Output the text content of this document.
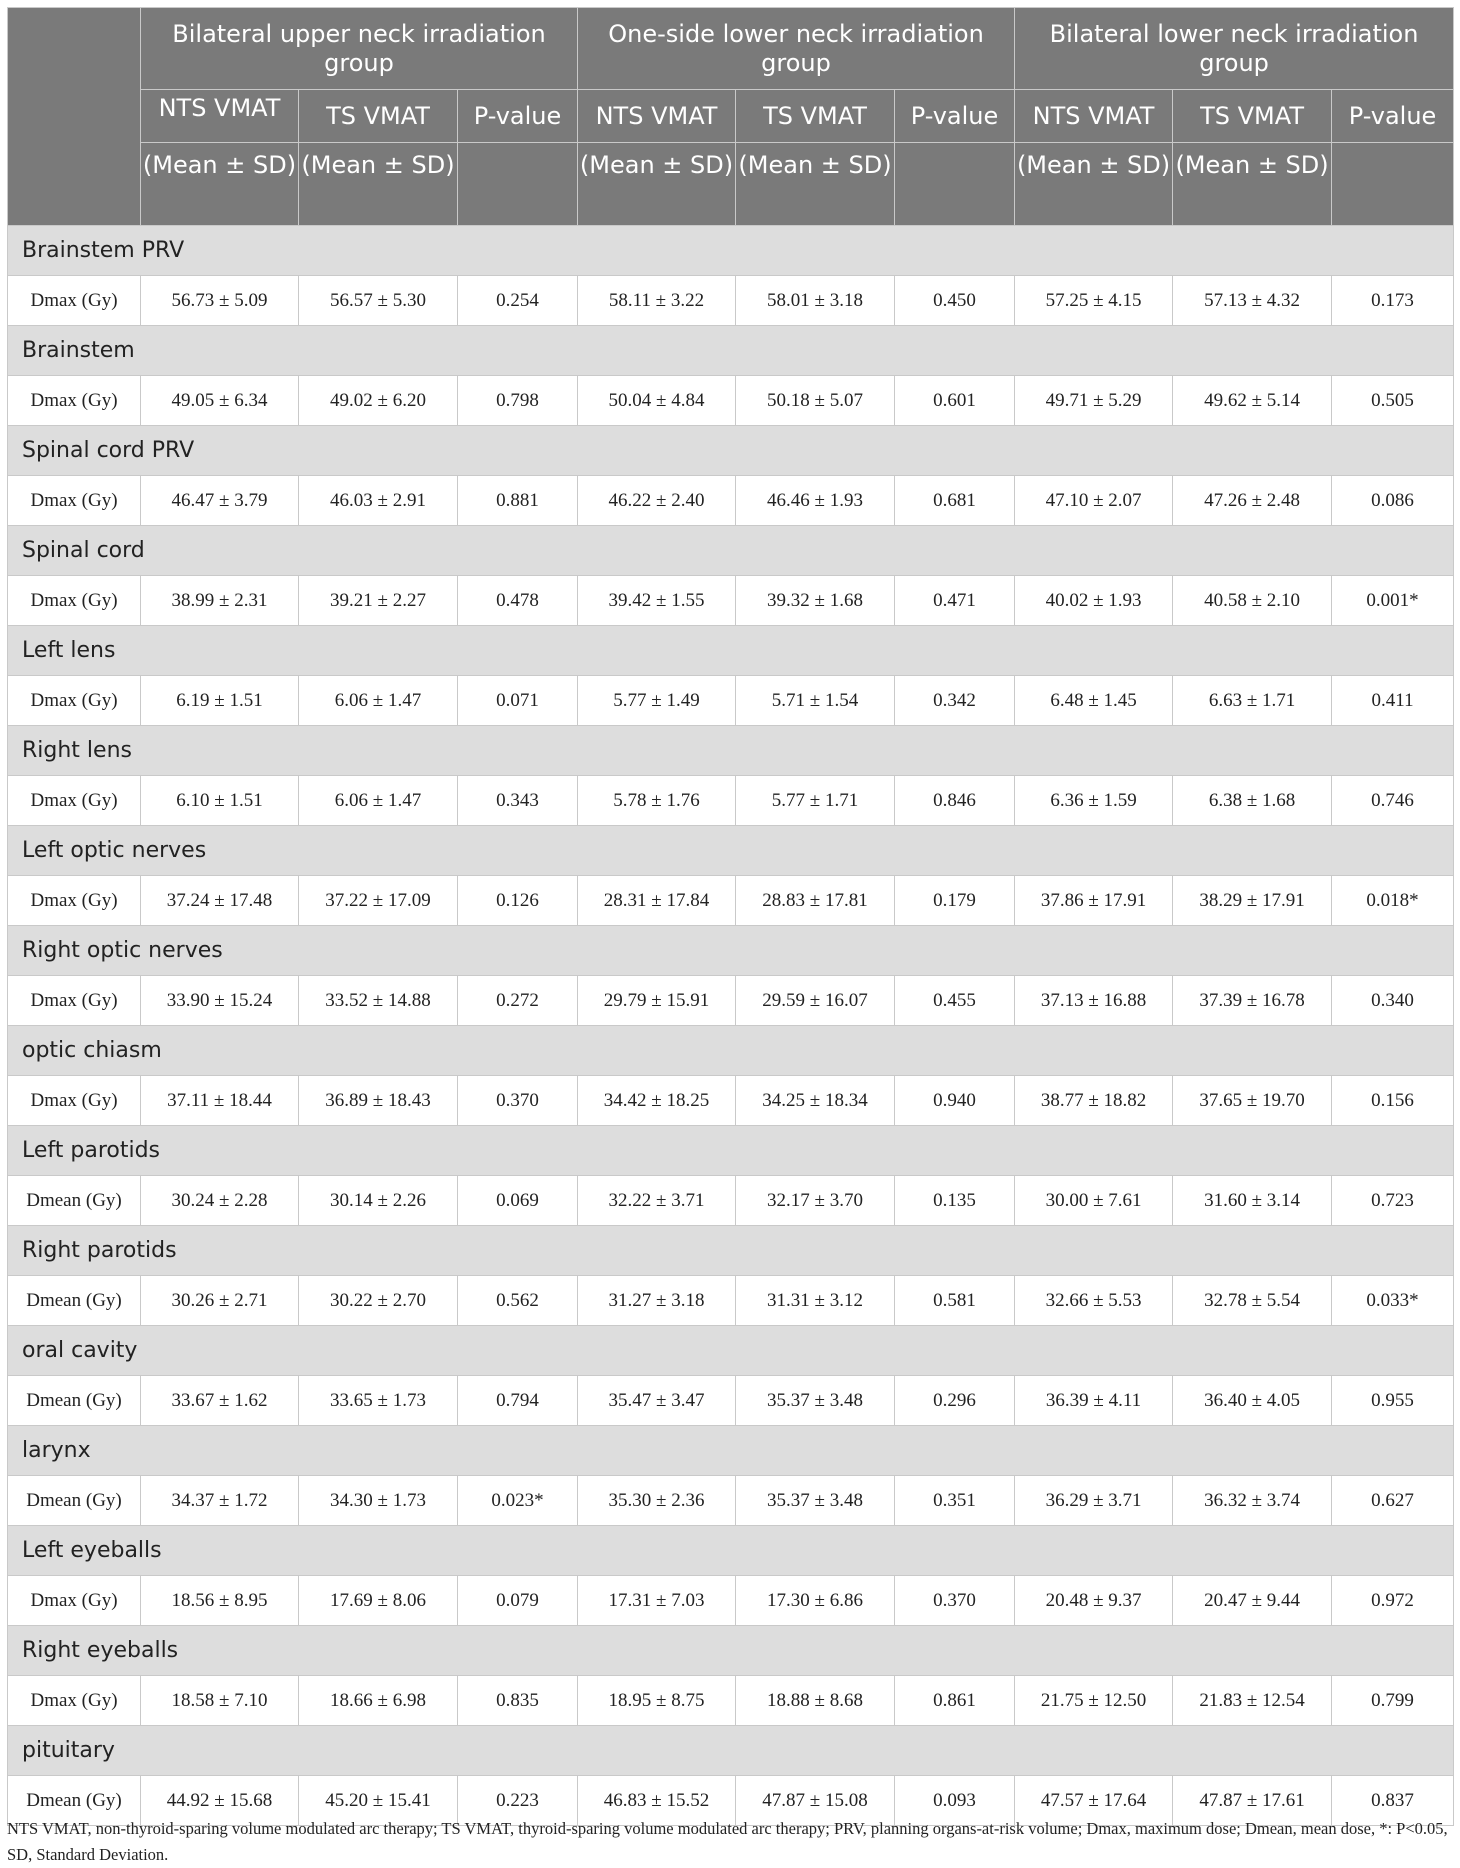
	Bilateral upper neck irradiation group			One-side lower neck irradiation group			Bilateral lower neck irradiation group		
	NTS VMAT	TS VMAT	P-value	NTS VMAT	TS VMAT	P-value	NTS VMAT	TS VMAT	P-value
	(Mean ± SD)	(Mean ± SD)		(Mean ± SD)	(Mean ± SD)		(Mean ± SD)	(Mean ± SD)	
Brainstem PRV									
Dmax (Gy)	56.73 ± 5.09	56.57 ± 5.30	0.254	58.11 ± 3.22	58.01 ± 3.18	0.450	57.25 ± 4.15	57.13 ± 4.32	0.173
Brainstem									
Dmax (Gy)	49.05 ± 6.34	49.02 ± 6.20	0.798	50.04 ± 4.84	50.18 ± 5.07	0.601	49.71 ± 5.29	49.62 ± 5.14	0.505
Spinal cord PRV									
Dmax (Gy)	46.47 ± 3.79	46.03 ± 2.91	0.881	46.22 ± 2.40	46.46 ± 1.93	0.681	47.10 ± 2.07	47.26 ± 2.48	0.086
Spinal cord									
Dmax (Gy)	38.99 ± 2.31	39.21 ± 2.27	0.478	39.42 ± 1.55	39.32 ± 1.68	0.471	40.02 ± 1.93	40.58 ± 2.10	0.001*
Left lens									
Dmax (Gy)	6.19 ± 1.51	6.06 ± 1.47	0.071	5.77 ± 1.49	5.71 ± 1.54	0.342	6.48 ± 1.45	6.63 ± 1.71	0.411
Right lens									
Dmax (Gy)	6.10 ± 1.51	6.06 ± 1.47	0.343	5.78 ± 1.76	5.77 ± 1.71	0.846	6.36 ± 1.59	6.38 ± 1.68	0.746
Left optic nerves									
Dmax (Gy)	37.24 ± 17.48	37.22 ± 17.09	0.126	28.31 ± 17.84	28.83 ± 17.81	0.179	37.86 ± 17.91	38.29 ± 17.91	0.018*
Right optic nerves									
Dmax (Gy)	33.90 ± 15.24	33.52 ± 14.88	0.272	29.79 ± 15.91	29.59 ± 16.07	0.455	37.13 ± 16.88	37.39 ± 16.78	0.340
optic chiasm									
Dmax (Gy)	37.11 ± 18.44	36.89 ± 18.43	0.370	34.42 ± 18.25	34.25 ± 18.34	0.940	38.77 ± 18.82	37.65 ± 19.70	0.156
Left parotids									
Dmean (Gy)	30.24 ± 2.28	30.14 ± 2.26	0.069	32.22 ± 3.71	32.17 ± 3.70	0.135	30.00 ± 7.61	31.60 ± 3.14	0.723
Right parotids									
Dmean (Gy)	30.26 ± 2.71	30.22 ± 2.70	0.562	31.27 ± 3.18	31.31 ± 3.12	0.581	32.66 ± 5.53	32.78 ± 5.54	0.033*
oral cavity									
Dmean (Gy)	33.67 ± 1.62	33.65 ± 1.73	0.794	35.47 ± 3.47	35.37 ± 3.48	0.296	36.39 ± 4.11	36.40 ± 4.05	0.955
larynx									
Dmean (Gy)	34.37 ± 1.72	34.30 ± 1.73	0.023*	35.30 ± 2.36	35.37 ± 3.48	0.351	36.29 ± 3.71	36.32 ± 3.74	0.627
Left eyeballs									
Dmax (Gy)	18.56 ± 8.95	17.69 ± 8.06	0.079	17.31 ± 7.03	17.30 ± 6.86	0.370	20.48 ± 9.37	20.47 ± 9.44	0.972
Right eyeballs									
Dmax (Gy)	18.58 ± 7.10	18.66 ± 6.98	0.835	18.95 ± 8.75	18.88 ± 8.68	0.861	21.75 ± 12.50	21.83 ± 12.54	0.799
pituitary									
Dmean (Gy)	44.92 ± 15.68	45.20 ± 15.41	0.223	46.83 ± 15.52	47.87 ± 15.08	0.093	47.57 ± 17.64	47.87 ± 17.61	0.837

NTS VMAT, non-thyroid-sparing volume modulated arc therapy; TS VMAT, thyroid-sparing volume modulated arc therapy; PRV, planning organs-at-risk volume; Dmax, maximum dose; Dmean, mean dose, *: P<0.05, SD, Standard Deviation.
